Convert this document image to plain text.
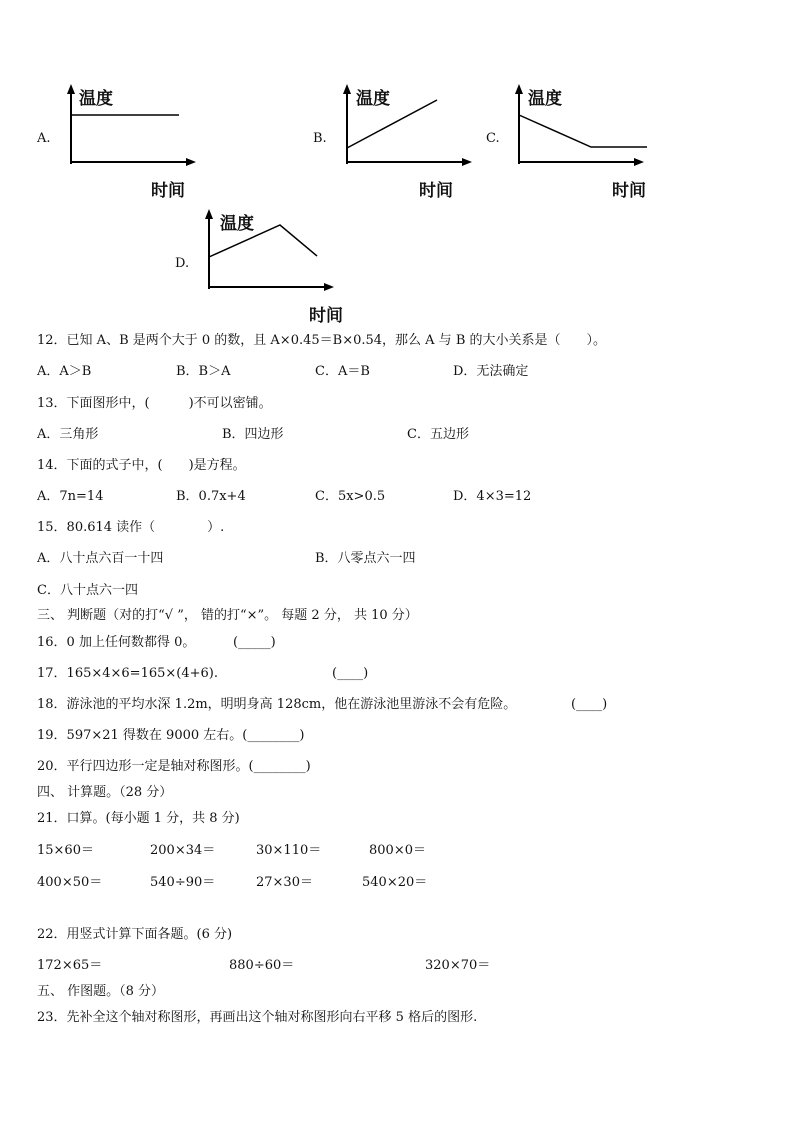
A.
温度
时间
B.
温度
时间
C.
温度
时间
D.
温度
时间
12．已知 A、B 是两个大于 0 的数，且 A×0.45＝B×0.54，那么 A 与 B 的大小关系是（　　）。
A．A＞B	B．B＞A	C．A＝B	D．无法确定
13．下面图形中，(　　　)不可以密铺。
A．三角形	B．四边形	C．五边形
14．下面的式子中，(　　)是方程。
A．7n=14	B．0.7x+4	C．5x>0.5	D．4×3=12
15．80.614 读作（　　　　）.
A．八十点六百一十四	B．八零点六一四
C．八十点六一四
三、 判断题（对的打“√ ”， 错的打“×”。 每题 2 分， 共 10 分）
16．0 加上任何数都得 0。	(_____)
17．165×4×6=165×(4+6).	(____)
18．游泳池的平均水深 1.2m，明明身高 128cm，他在游泳池里游泳不会有危险。	(____)
19．597×21 得数在 9000 左右。(________)
20．平行四边形一定是轴对称图形。(________)
四、 计算题。（28 分）
21．口算。(每小题 1 分，共 8 分)
15×60＝	200×34＝	30×110＝	800×0＝
400×50＝	540÷90＝	27×30＝	540×20＝
22．用竖式计算下面各题。(6 分)
172×65＝	880÷60＝	320×70＝
五、 作图题。（8 分）
23．先补全这个轴对称图形，再画出这个轴对称图形向右平移 5 格后的图形.
